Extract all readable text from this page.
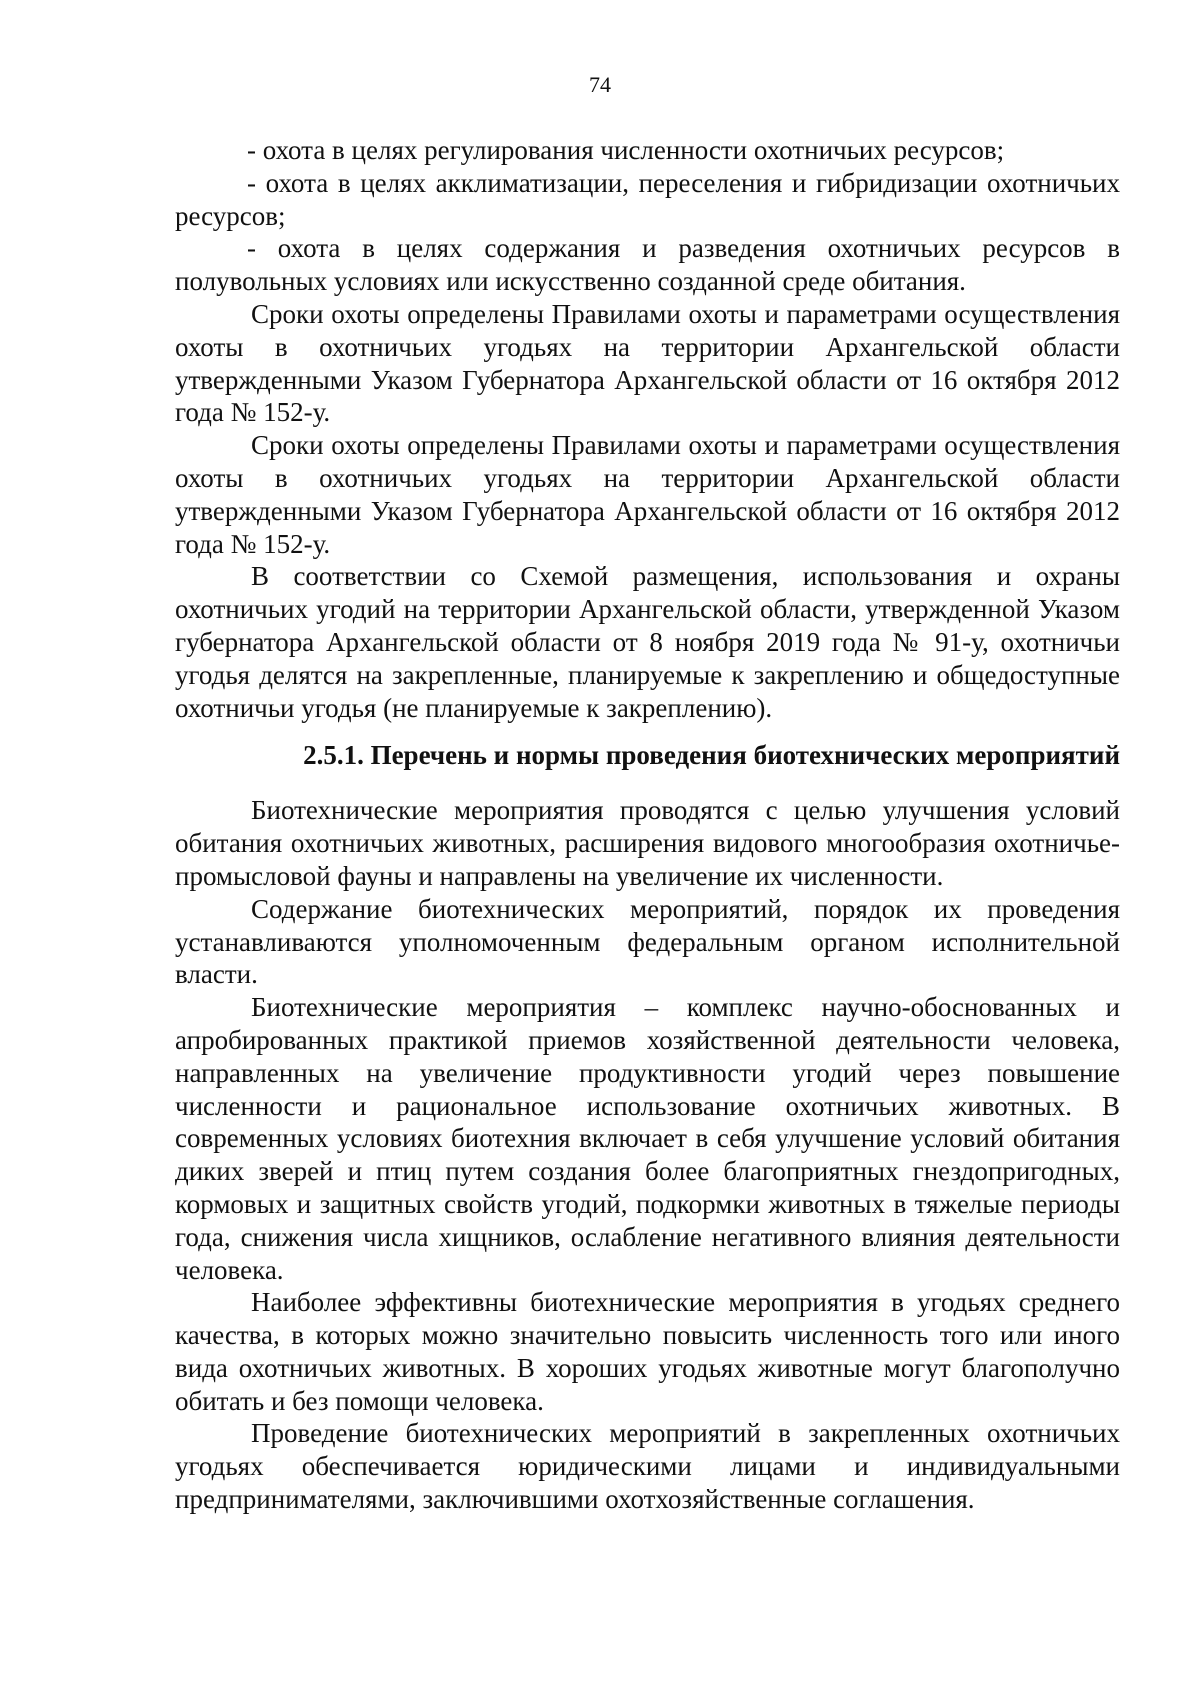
74

- охота в целях регулирования численности охотничьих ресурсов;

- охота в целях акклиматизации, переселения и гибридизации охотничьих ресурсов;

- охота в целях содержания и разведения охотничьих ресурсов в полувольных условиях или искусственно созданной среде обитания.

Сроки охоты определены Правилами охоты и параметрами осуществления охоты в охотничьих угодьях на территории Архангельской области утвержденными Указом Губернатора Архангельской области от 16 октября 2012 года № 152-у.

Сроки охоты определены Правилами охоты и параметрами осуществления охоты в охотничьих угодьях на территории Архангельской области утвержденными Указом Губернатора Архангельской области от 16 октября 2012 года № 152-у.

В соответствии со Схемой размещения, использования и охраны охотничьих угодий на территории Архангельской области, утвержденной Указом губернатора Архангельской области от 8 ноября 2019 года № 91-у, охотничьи угодья делятся на закрепленные, планируемые к закреплению и общедоступные охотничьи угодья (не планируемые к закреплению).

2.5.1. Перечень и нормы проведения биотехнических мероприятий

Биотехнические мероприятия проводятся с целью улучшения условий обитания охотничьих животных, расширения видового многообразия охотничье-промысловой фауны и направлены на увеличение их численности.

Содержание биотехнических мероприятий, порядок их проведения устанавливаются уполномоченным федеральным органом исполнительной власти.

Биотехнические мероприятия – комплекс научно-обоснованных и апробированных практикой приемов хозяйственной деятельности человека, направленных на увеличение продуктивности угодий через повышение численности и рациональное использование охотничьих животных. В современных условиях биотехния включает в себя улучшение условий обитания диких зверей и птиц путем создания более благоприятных гнездопригодных, кормовых и защитных свойств угодий, подкормки животных в тяжелые периоды года, снижения числа хищников, ослабление негативного влияния деятельности человека.

Наиболее эффективны биотехнические мероприятия в угодьях среднего качества, в которых можно значительно повысить численность того или иного вида охотничьих животных. В хороших угодьях животные могут благополучно обитать и без помощи человека.

Проведение биотехнических мероприятий в закрепленных охотничьих угодьях обеспечивается юридическими лицами и индивидуальными предпринимателями, заключившими охотхозяйственные соглашения.
